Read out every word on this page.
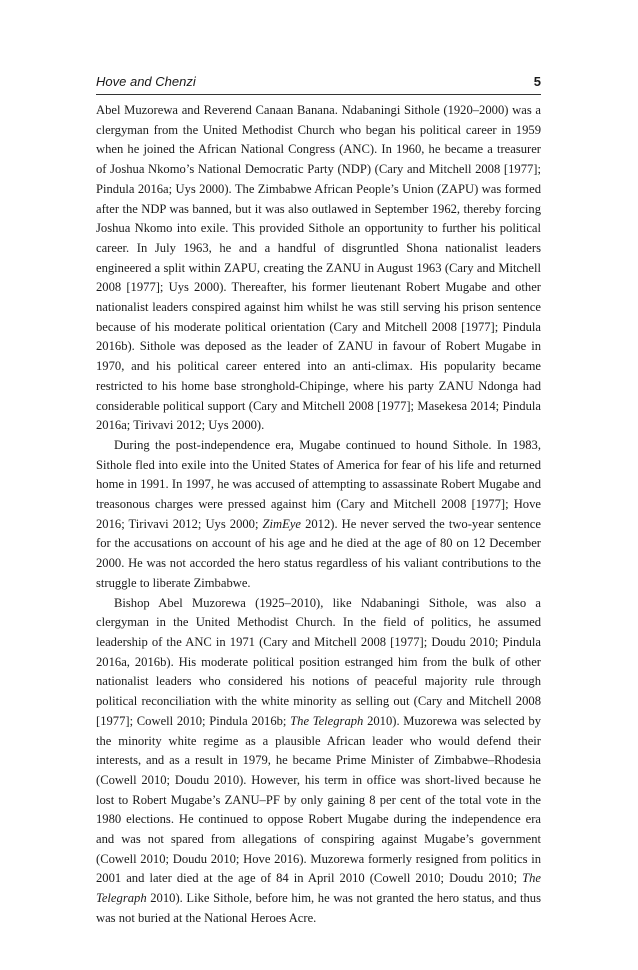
Hove and Chenzi	5

Abel Muzorewa and Reverend Canaan Banana. Ndabaningi Sithole (1920–2000) was a clergyman from the United Methodist Church who began his political career in 1959 when he joined the African National Congress (ANC). In 1960, he became a treasurer of Joshua Nkomo’s National Democratic Party (NDP) (Cary and Mitchell 2008 [1977]; Pindula 2016a; Uys 2000). The Zimbabwe African People’s Union (ZAPU) was formed after the NDP was banned, but it was also outlawed in September 1962, thereby forcing Joshua Nkomo into exile. This provided Sithole an opportunity to further his political career. In July 1963, he and a handful of disgruntled Shona nationalist leaders engineered a split within ZAPU, creating the ZANU in August 1963 (Cary and Mitchell 2008 [1977]; Uys 2000). Thereafter, his former lieutenant Robert Mugabe and other nationalist leaders conspired against him whilst he was still serving his prison sentence because of his moderate political orientation (Cary and Mitchell 2008 [1977]; Pindula 2016b). Sithole was deposed as the leader of ZANU in favour of Robert Mugabe in 1970, and his political career entered into an anti-climax. His popularity became restricted to his home base stronghold-Chipinge, where his party ZANU Ndonga had considerable political support (Cary and Mitchell 2008 [1977]; Masekesa 2014; Pindula 2016a; Tirivavi 2012; Uys 2000).

During the post-independence era, Mugabe continued to hound Sithole. In 1983, Sithole fled into exile into the United States of America for fear of his life and returned home in 1991. In 1997, he was accused of attempting to assassinate Robert Mugabe and treasonous charges were pressed against him (Cary and Mitchell 2008 [1977]; Hove 2016; Tirivavi 2012; Uys 2000; ZimEye 2012). He never served the two-year sentence for the accusations on account of his age and he died at the age of 80 on 12 December 2000. He was not accorded the hero status regardless of his valiant contributions to the struggle to liberate Zimbabwe.

Bishop Abel Muzorewa (1925–2010), like Ndabaningi Sithole, was also a clergyman in the United Methodist Church. In the field of politics, he assumed leadership of the ANC in 1971 (Cary and Mitchell 2008 [1977]; Doudu 2010; Pindula 2016a, 2016b). His moderate political position estranged him from the bulk of other nationalist leaders who considered his notions of peaceful majority rule through political reconciliation with the white minority as selling out (Cary and Mitchell 2008 [1977]; Cowell 2010; Pindula 2016b; The Telegraph 2010). Muzorewa was selected by the minority white regime as a plausible African leader who would defend their interests, and as a result in 1979, he became Prime Minister of Zimbabwe–Rhodesia (Cowell 2010; Doudu 2010). However, his term in office was short-lived because he lost to Robert Mugabe’s ZANU–PF by only gaining 8 per cent of the total vote in the 1980 elections. He continued to oppose Robert Mugabe during the independence era and was not spared from allegations of conspiring against Mugabe’s government (Cowell 2010; Doudu 2010; Hove 2016). Muzorewa formerly resigned from politics in 2001 and later died at the age of 84 in April 2010 (Cowell 2010; Doudu 2010; The Telegraph 2010). Like Sithole, before him, he was not granted the hero status, and thus was not buried at the National Heroes Acre.
